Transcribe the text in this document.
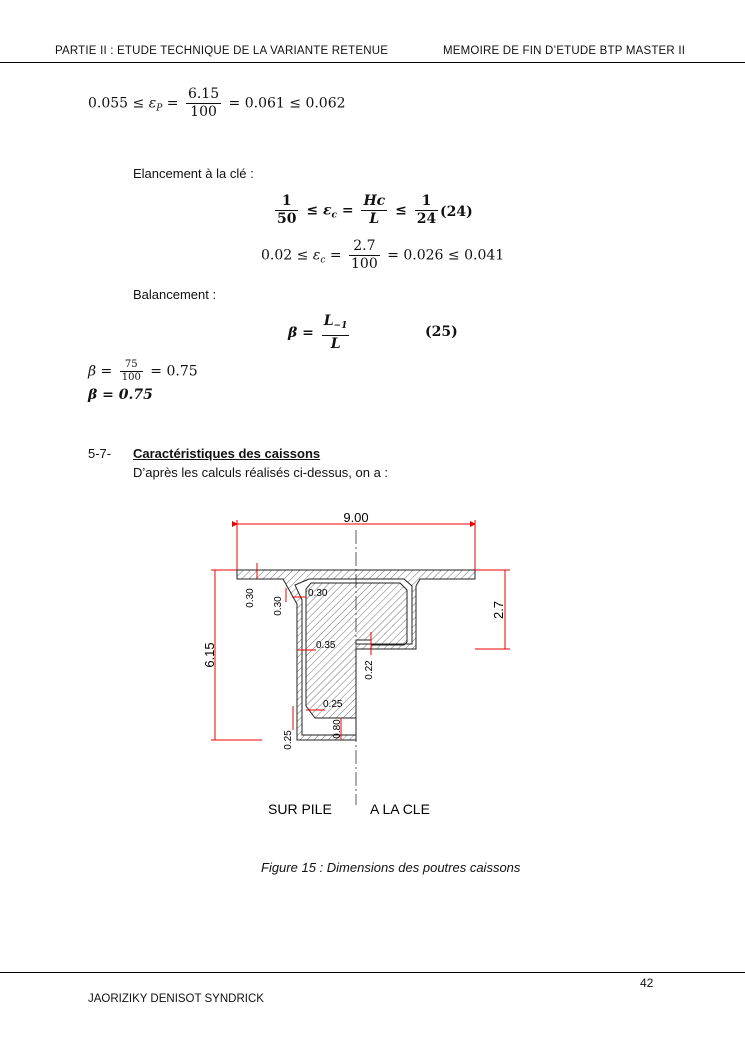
PARTIE II : ETUDE TECHNIQUE DE LA VARIANTE RETENUE	MEMOIRE DE FIN D’ETUDE BTP MASTER II
$0.055 \le \varepsilon_P = \frac{6.15}{100} = 0.061 \le 0.062$
Elancement à la clé :
$\frac{1}{50} \le \varepsilon_c = \frac{Hc}{L} \le \frac{1}{24} (24)$
$0.02 \le \varepsilon_c = \frac{2.7}{100} = 0.026 \le 0.041$
Balancement :
$\beta = \frac{L_{-1}}{L}$	(25)
$\beta = \frac{75}{100} = 0.75$
β = 0.75
5-7- Caractéristiques des caissons
D’après les calculs réalisés ci-dessus, on a :
9.00
6.15
2.7
0.30 0.30
0.30
0.35
0.22
0.25
0.25
0.80
SUR PILE	A LA CLE
Figure 15 : Dimensions des poutres caissons
42
JAORIZIKY DENISOT SYNDRICK
